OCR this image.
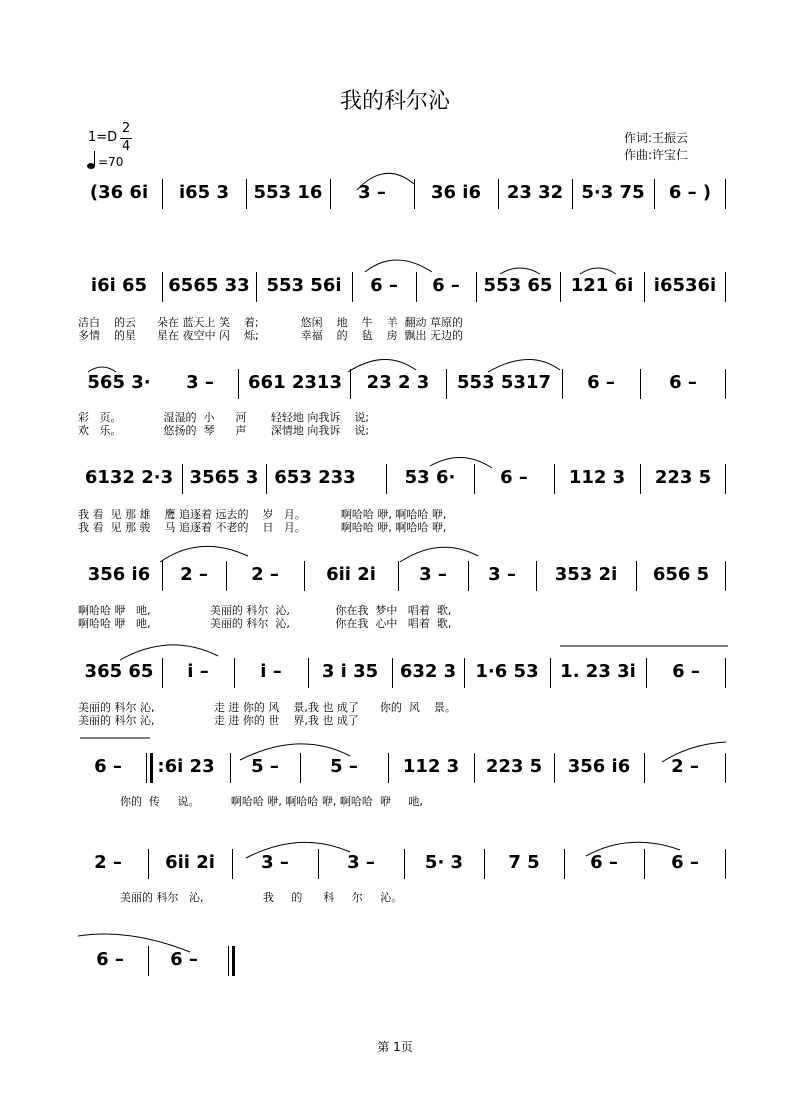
我的科尔沁
1=D
2
4
=70
作词:王振云
作曲:许宝仁
(36 6i	i65 3	553 16	3 –	36 i6	23 32	5·3 75	6 – )
i6i 65	6565 33 553 56i	6 –	6 –	553 65	121 6i	i6536i
洁白    的云      朵在 蓝天上 笑    着;            悠闲    地    牛    羊  翻动 草原的
多情    的星      星在 夜空中 闪    烁;            幸福    的    毡    房  飘出 无边的
565 3·	3 –	661 2313	23 2 3	553 5317	6 –	6 –
彩   页。            湿湿的  小      河       轻轻地 向我诉    说;
欢   乐。            悠扬的  琴      声       深情地 向我诉    说;
6132 2·3 3565 3 653 233	53 6·	6 –	112 3	223 5
我 看  见 那 雄    鹰 追逐着 远去的    岁   月。          啊哈哈 咿, 啊哈哈 咿,
我 看  见 那 骏    马 追逐着 不老的    日   月。          啊哈哈 咿, 啊哈哈 咿,
356 i6	2 –	2 –	6ii 2i	3 –	3 –	353 2i	656 5
啊哈哈 咿   吔,                 美丽的 科尔  沁,             你在我  梦中   唱着  歌,
啊哈哈 咿   吔,                 美丽的 科尔  沁,             你在我  心中   唱着  歌,
365 65	i –	i –	3 i 35	632 3	1·6 53	1. 23 3i	6 –
美丽的 科尔 沁,                 走 进 你的 风    景,我 也 成了      你的  风    景。
美丽的 科尔 沁,                 走 进 你的 世    界,我 也 成了
6 –	:6i 23	5 –	5 –	112 3	223 5	356 i6	2 –
你的  传     说。         啊哈哈 咿, 啊哈哈 咿, 啊哈哈  咿     吔,
2 –	6ii 2i	3 –	3 –	5· 3	7 5	6 –	6 –
美丽的 科尔   沁,                 我     的      科     尔     沁。
6 –	6 –
第 1页
